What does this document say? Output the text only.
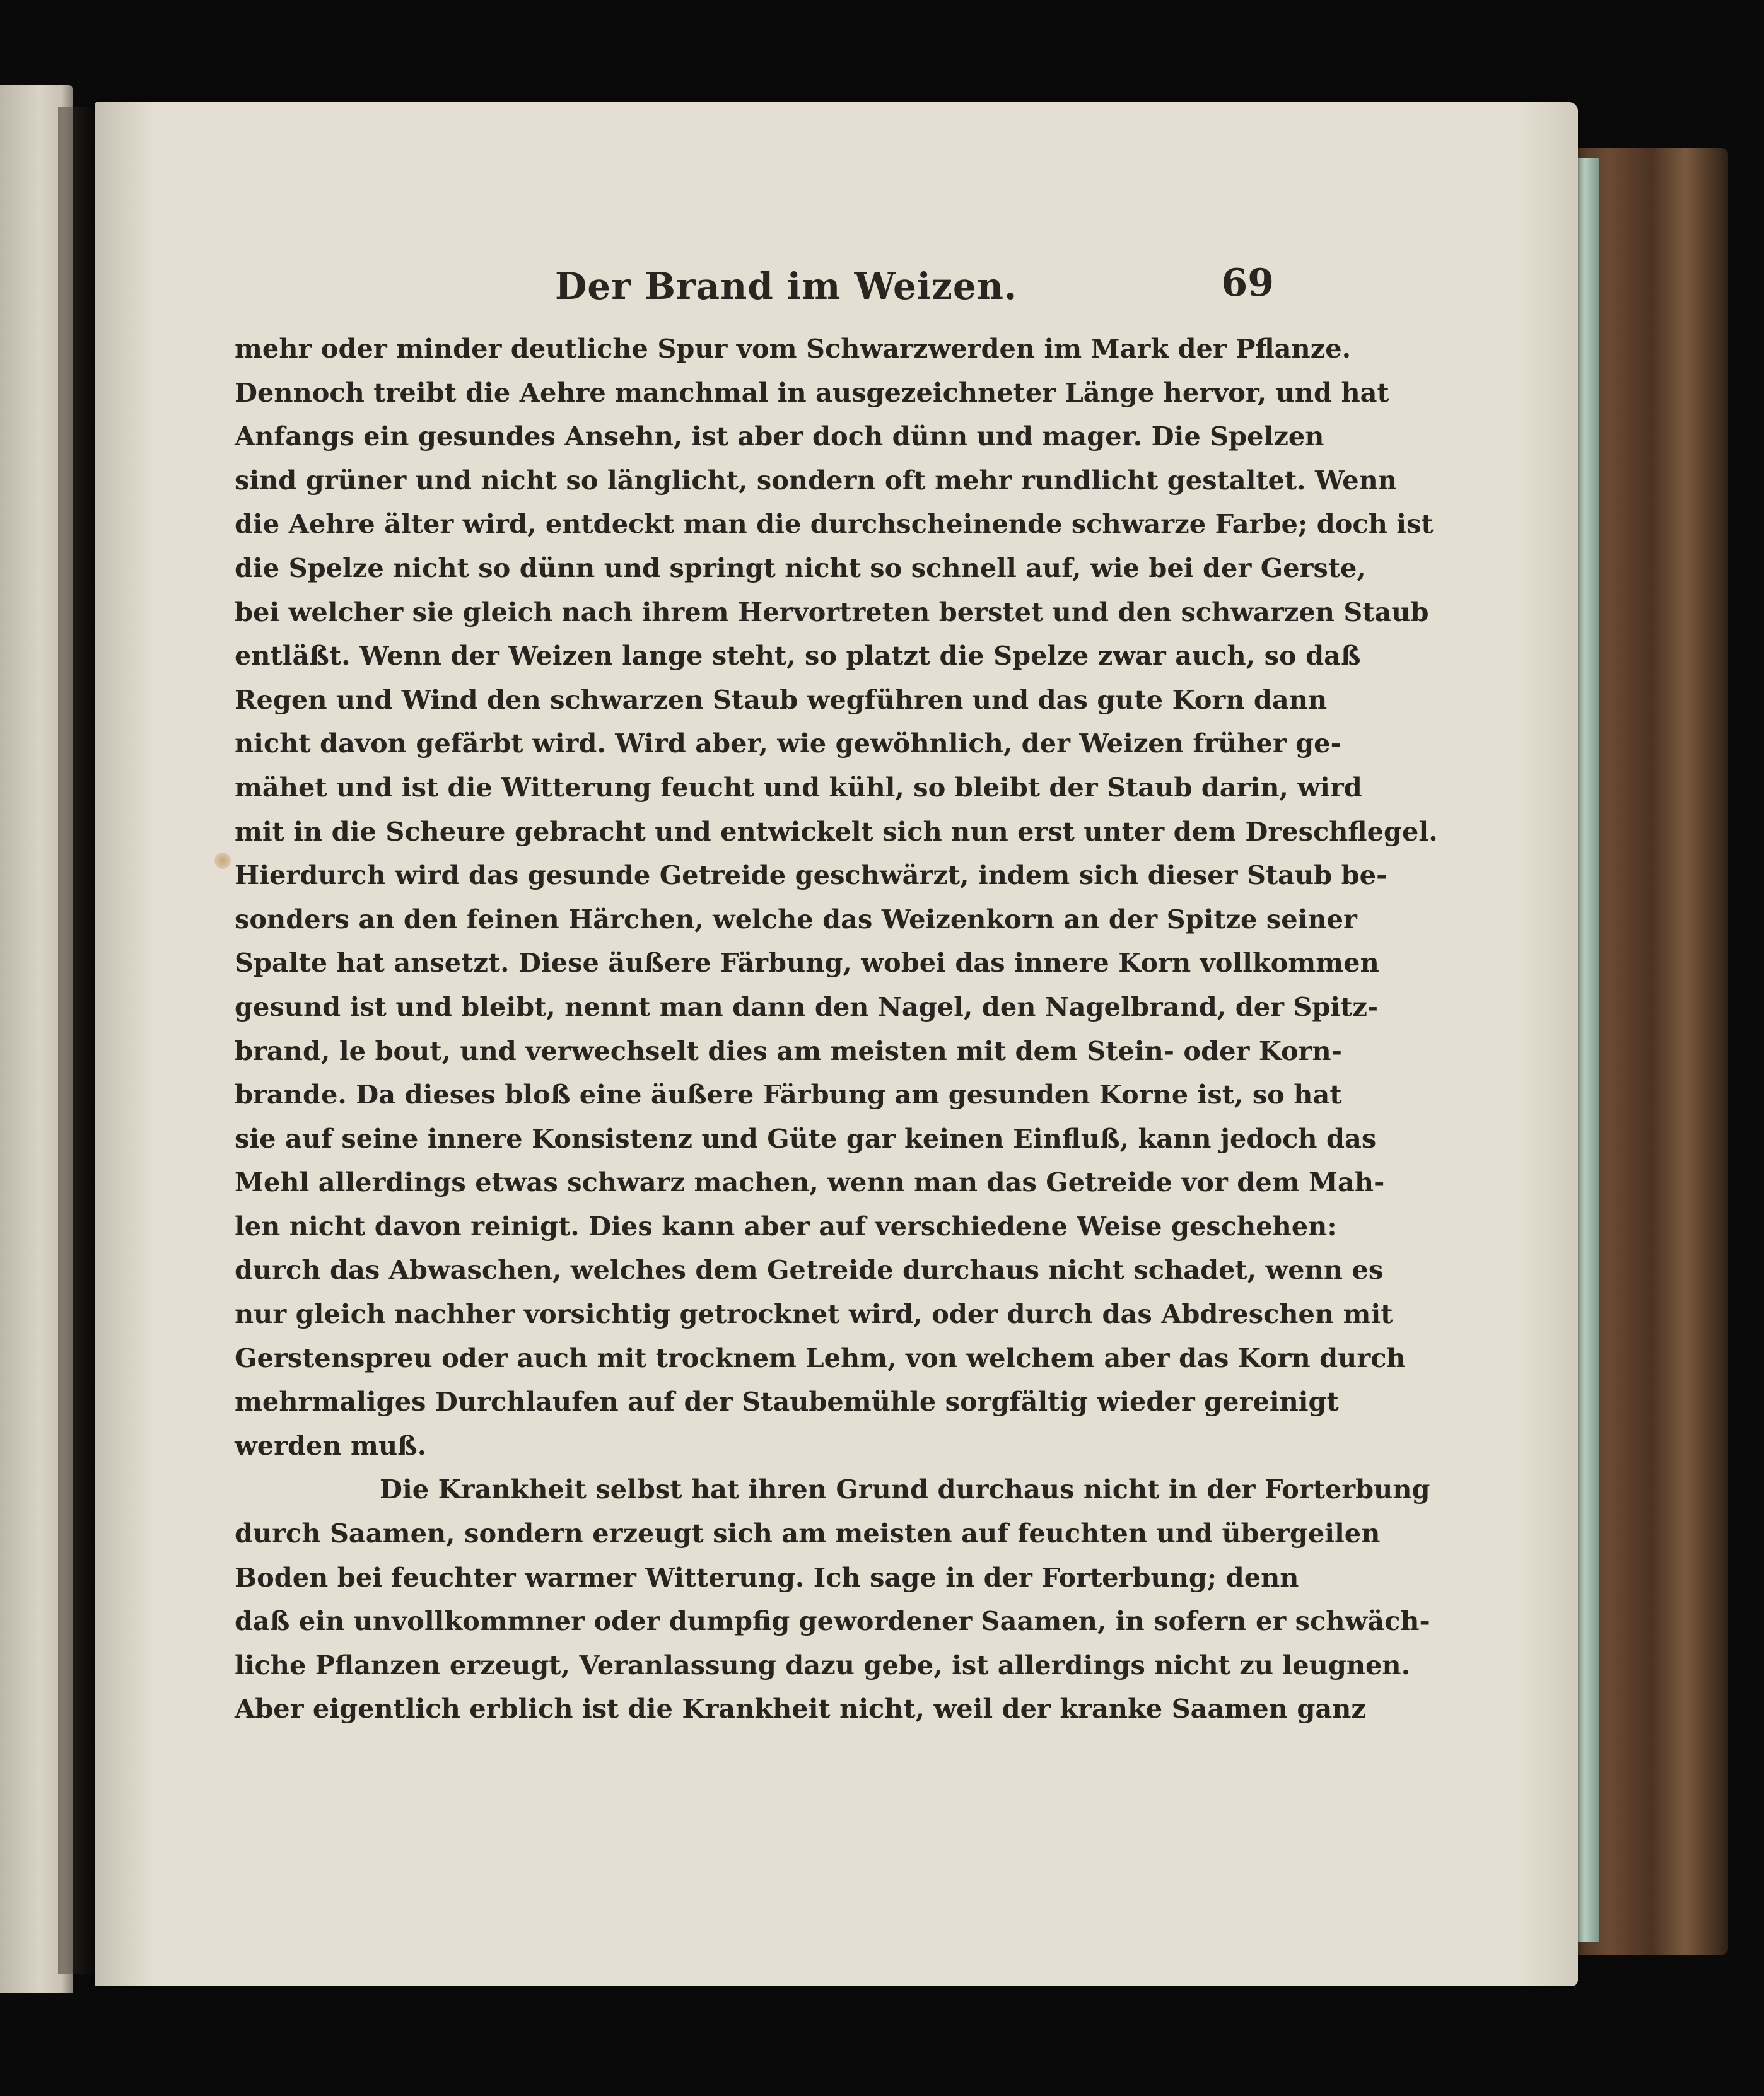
Der Brand im Weizen.	69
mehr oder minder deutliche Spur vom Schwarzwerden im Mark der Pflanze.
Dennoch treibt die Aehre manchmal in ausgezeichneter Länge hervor, und hat
Anfangs ein gesundes Ansehn, ist aber doch dünn und mager. Die Spelzen
sind grüner und nicht so länglicht, sondern oft mehr rundlicht gestaltet. Wenn
die Aehre älter wird, entdeckt man die durchscheinende schwarze Farbe; doch ist
die Spelze nicht so dünn und springt nicht so schnell auf, wie bei der Gerste,
bei welcher sie gleich nach ihrem Hervortreten berstet und den schwarzen Staub
entläßt. Wenn der Weizen lange steht, so platzt die Spelze zwar auch, so daß
Regen und Wind den schwarzen Staub wegführen und das gute Korn dann
nicht davon gefärbt wird. Wird aber, wie gewöhnlich, der Weizen früher ge-
mähet und ist die Witterung feucht und kühl, so bleibt der Staub darin, wird
mit in die Scheure gebracht und entwickelt sich nun erst unter dem Dreschflegel.
Hierdurch wird das gesunde Getreide geschwärzt, indem sich dieser Staub be-
sonders an den feinen Härchen, welche das Weizenkorn an der Spitze seiner
Spalte hat ansetzt. Diese äußere Färbung, wobei das innere Korn vollkommen
gesund ist und bleibt, nennt man dann den Nagel, den Nagelbrand, der Spitz-
brand, le bout, und verwechselt dies am meisten mit dem Stein- oder Korn-
brande. Da dieses bloß eine äußere Färbung am gesunden Korne ist, so hat
sie auf seine innere Konsistenz und Güte gar keinen Einfluß, kann jedoch das
Mehl allerdings etwas schwarz machen, wenn man das Getreide vor dem Mah-
len nicht davon reinigt. Dies kann aber auf verschiedene Weise geschehen:
durch das Abwaschen, welches dem Getreide durchaus nicht schadet, wenn es
nur gleich nachher vorsichtig getrocknet wird, oder durch das Abdreschen mit
Gerstenspreu oder auch mit trocknem Lehm, von welchem aber das Korn durch
mehrmaliges Durchlaufen auf der Staubemühle sorgfältig wieder gereinigt
werden muß.
Die Krankheit selbst hat ihren Grund durchaus nicht in der Forterbung
durch Saamen, sondern erzeugt sich am meisten auf feuchten und übergeilen
Boden bei feuchter warmer Witterung. Ich sage in der Forterbung; denn
daß ein unvollkommner oder dumpfig gewordener Saamen, in sofern er schwäch-
liche Pflanzen erzeugt, Veranlassung dazu gebe, ist allerdings nicht zu leugnen.
Aber eigentlich erblich ist die Krankheit nicht, weil der kranke Saamen ganz
